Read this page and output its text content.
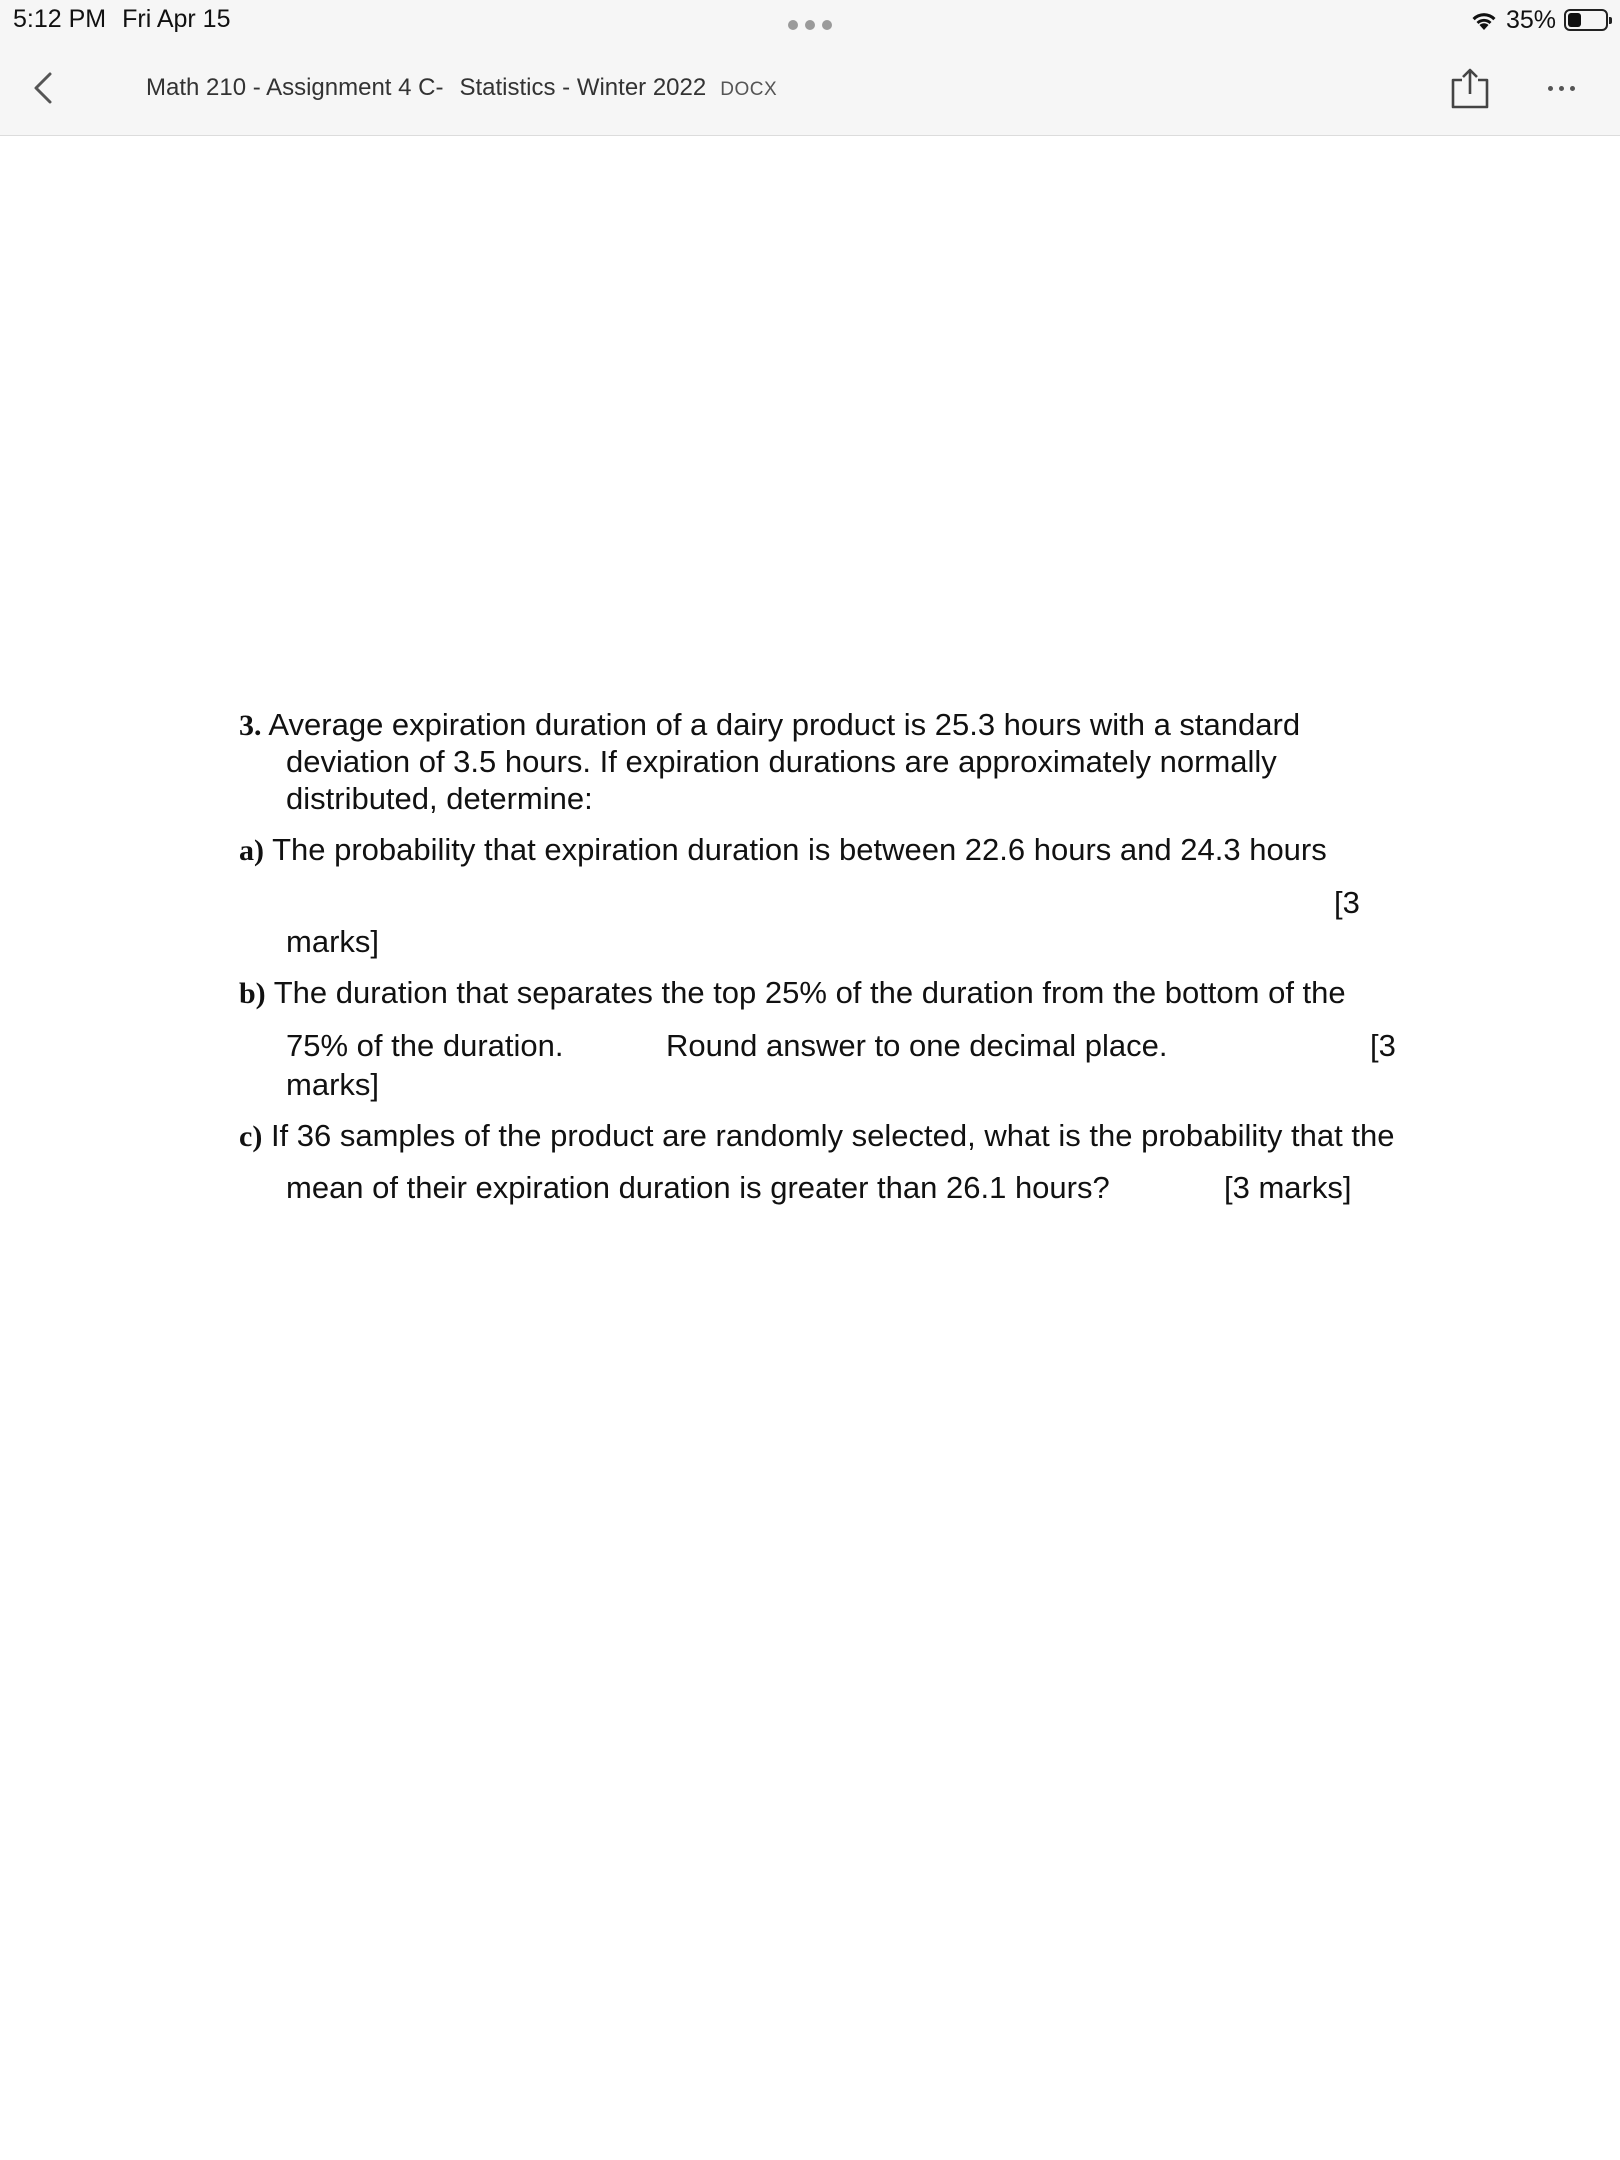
5:12 PM Fri Apr 15	35%
Math 210 - Assignment 4 C- Statistics - Winter 2022 DOCX
3. Average expiration duration of a dairy product is 25.3 hours with a standard
deviation of 3.5 hours. If expiration durations are approximately normally
distributed, determine:
a) The probability that expiration duration is between 22.6 hours and 24.3 hours
[3
marks]
b) The duration that separates the top 25% of the duration from the bottom of the
75% of the duration.	Round answer to one decimal place.	[3
marks]
c) If 36 samples of the product are randomly selected, what is the probability that the
mean of their expiration duration is greater than 26.1 hours?	[3 marks]
